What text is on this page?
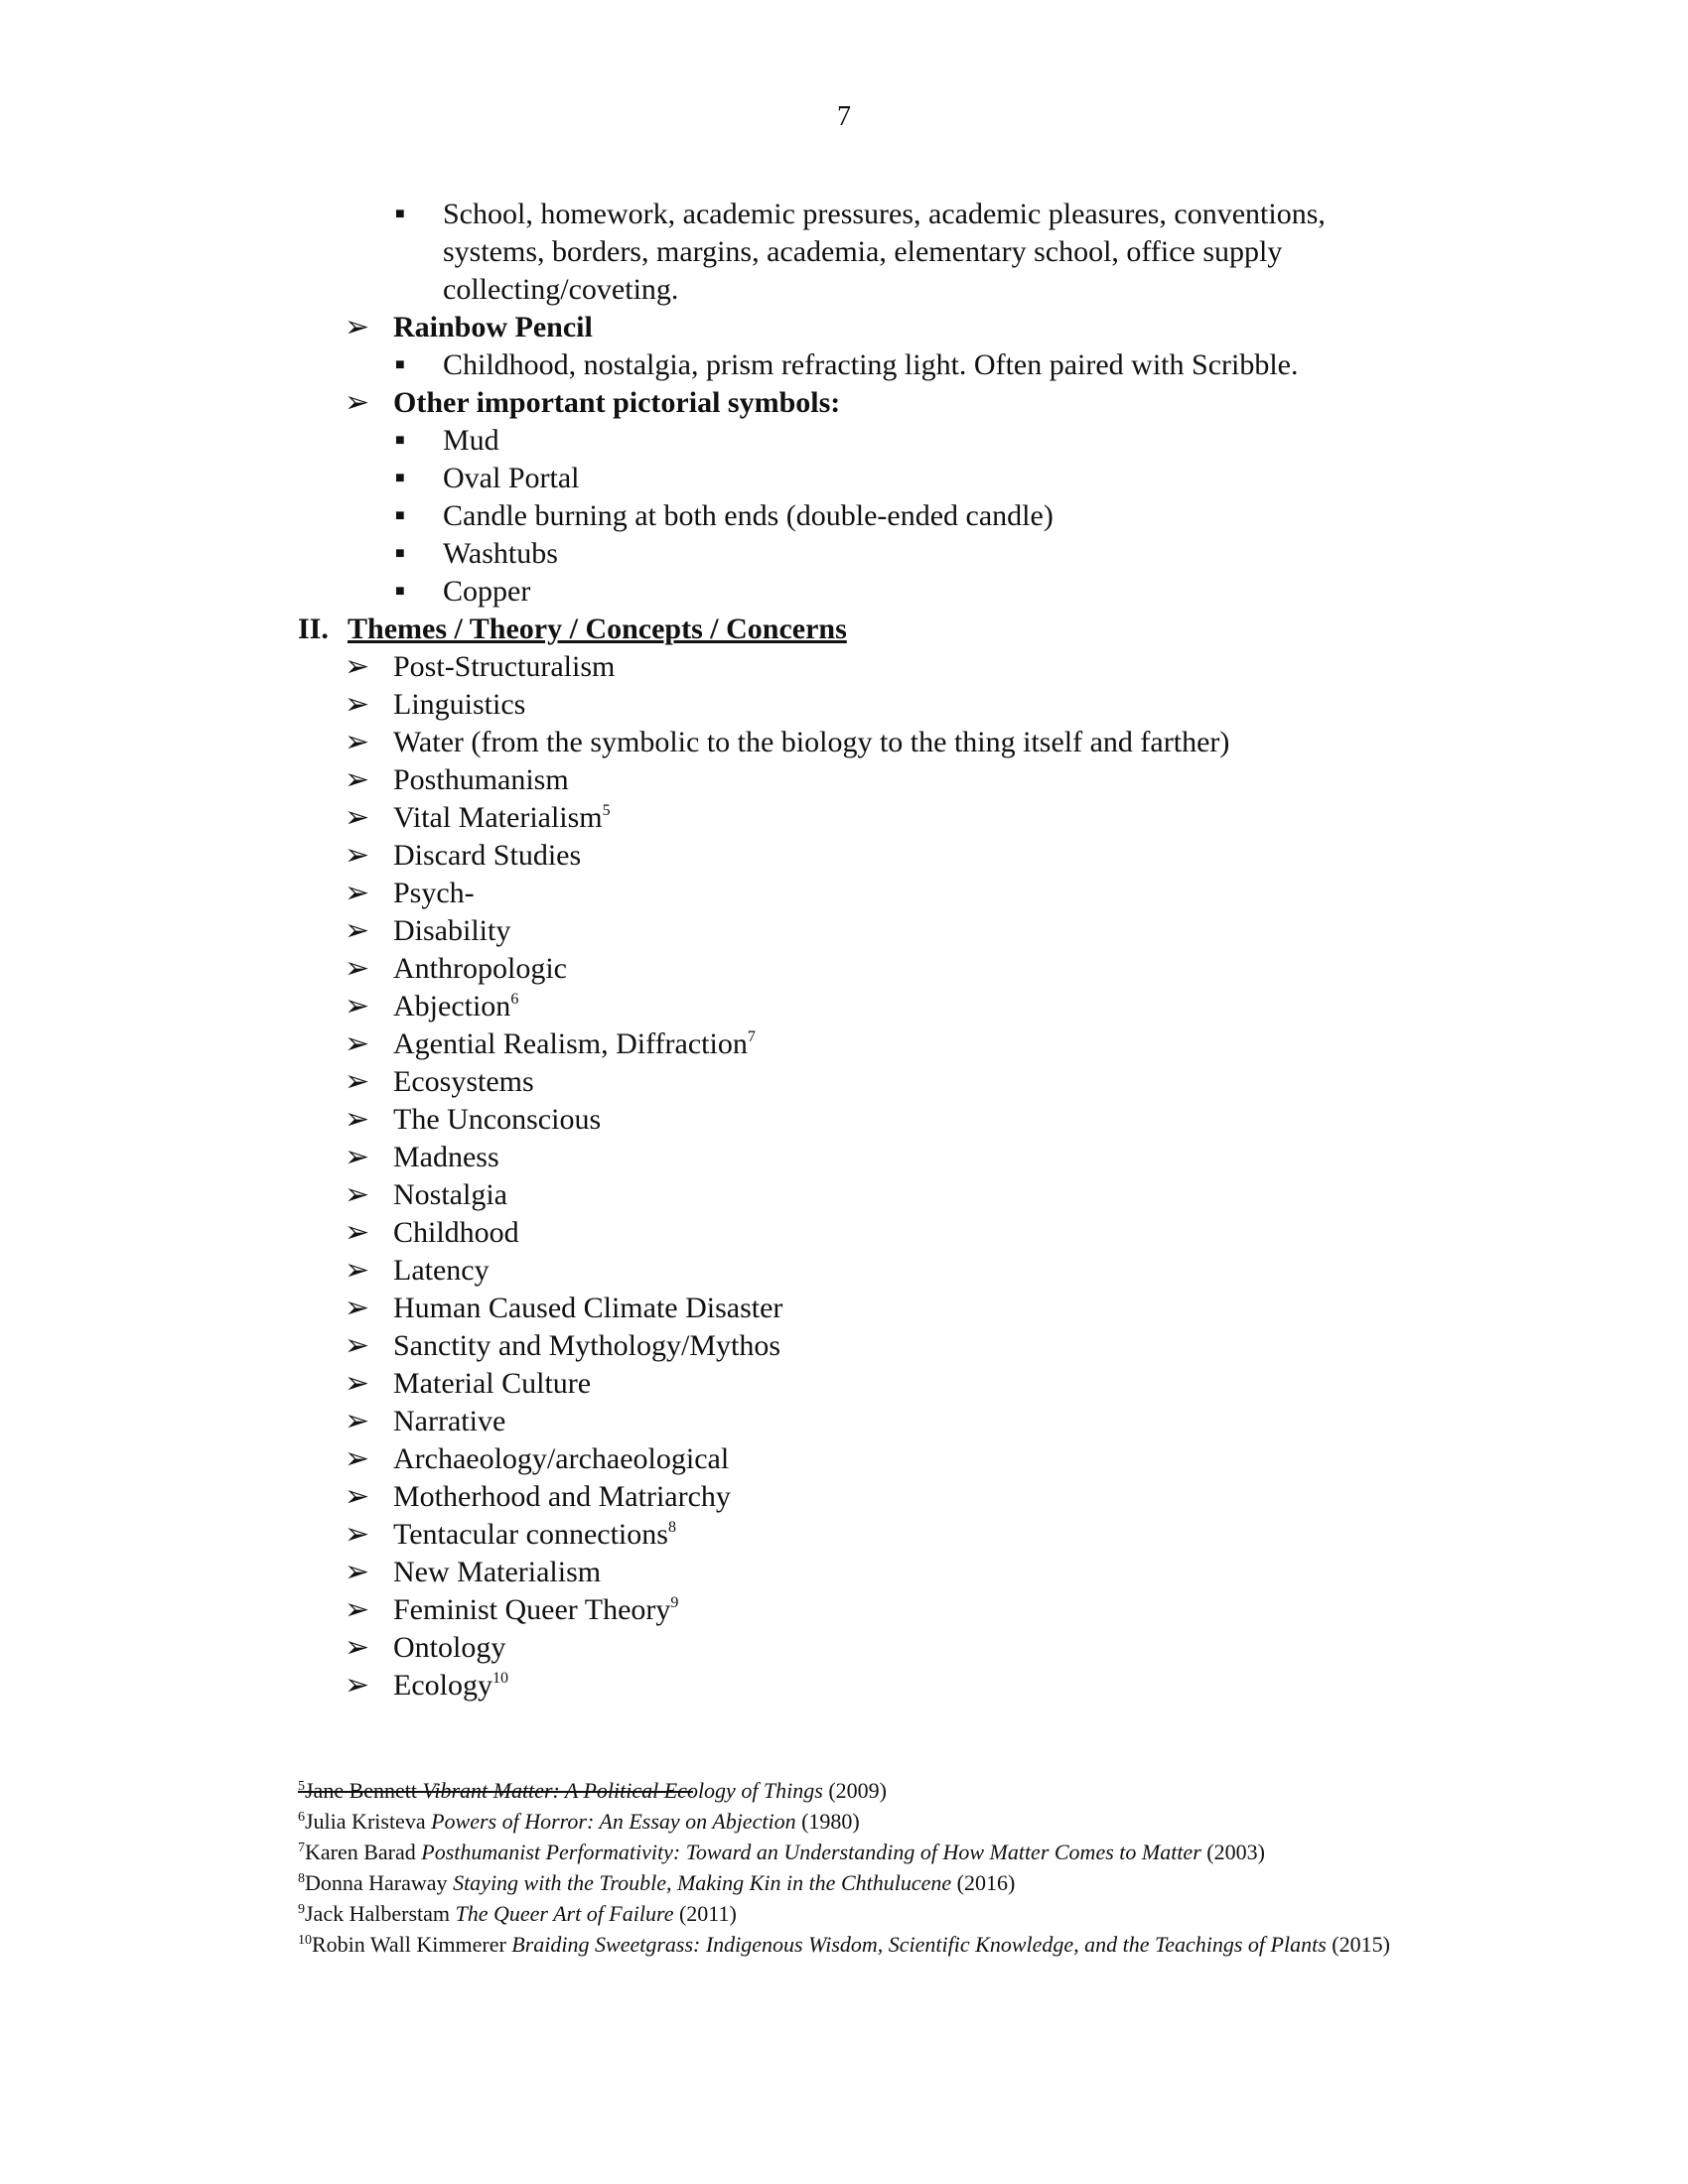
7
■ School, homework, academic pressures, academic pleasures, conventions,
systems, borders, margins, academia, elementary school, office supply
collecting/coveting.
➢ Rainbow Pencil
■ Childhood, nostalgia, prism refracting light. Often paired with Scribble.
➢ Other important pictorial symbols:
■ Mud
■ Oval Portal
■ Candle burning at both ends (double-ended candle)
■ Washtubs
■ Copper
II. Themes / Theory / Concepts / Concerns
➢ Post-Structuralism
➢ Linguistics
➢ Water (from the symbolic to the biology to the thing itself and farther)
➢ Posthumanism
➢ Vital Materialism$^5$
➢ Discard Studies
➢ Psych-
➢ Disability
➢ Anthropologic
➢ Abjection$^6$
➢ Agential Realism, Diffraction$^7$
➢ Ecosystems
➢ The Unconscious
➢ Madness
➢ Nostalgia
➢ Childhood
➢ Latency
➢ Human Caused Climate Disaster
➢ Sanctity and Mythology/Mythos
➢ Material Culture
➢ Narrative
➢ Archaeology/archaeological
➢ Motherhood and Matriarchy
➢ Tentacular connections$^8$
➢ New Materialism
➢ Feminist Queer Theory$^9$
➢ Ontology
➢ Ecology$^{10}$
$^5$Jane Bennett Vibrant Matter: A Political Ecology of Things (2009)
$^6$Julia Kristeva Powers of Horror: An Essay on Abjection (1980)
$^7$Karen Barad Posthumanist Performativity: Toward an Understanding of How Matter Comes to Matter (2003)
$^8$Donna Haraway Staying with the Trouble, Making Kin in the Chthulucene (2016)
$^9$Jack Halberstam The Queer Art of Failure (2011)
$^{10}$Robin Wall Kimmerer Braiding Sweetgrass: Indigenous Wisdom, Scientific Knowledge, and the Teachings of Plants (2015)
